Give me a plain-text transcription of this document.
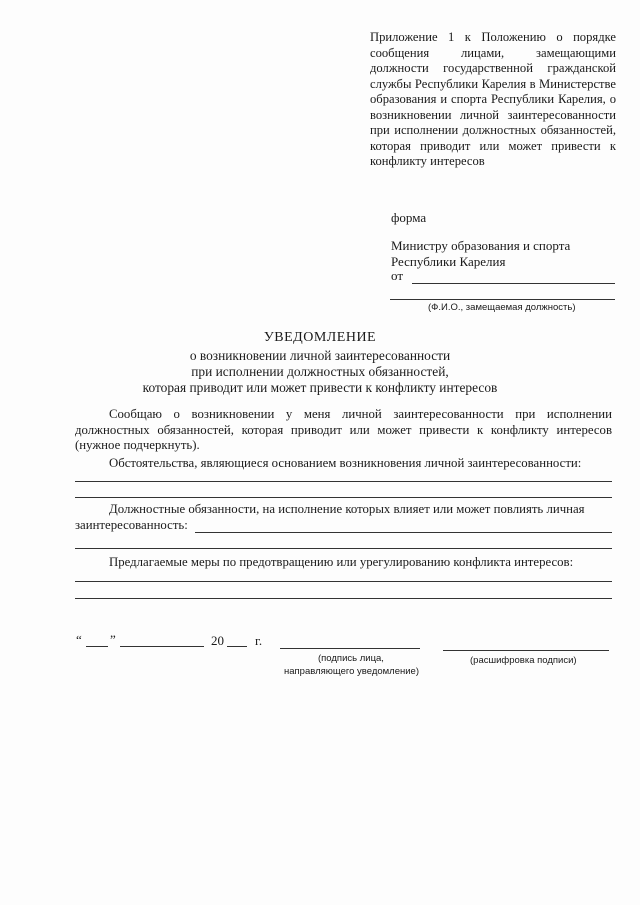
Приложение 1 к Положению о порядке сообщения лицами, замещающими должности государственной гражданской службы Республики Карелия в Министерстве образования и спорта Республики Карелия, о возникновении личной заинтересованности при исполнении должностных обязанностей, которая приводит или может привести к конфликту интересов
форма
Министру образования и спорта
Республики Карелия
от
(Ф.И.О., замещаемая должность)
УВЕДОМЛЕНИЕ
о возникновении личной заинтересованности
при исполнении должностных обязанностей,
которая приводит или может привести к конфликту интересов
Сообщаю о возникновении у меня личной заинтересованности при исполнении должностных обязанностей, которая приводит или может привести к конфликту интересов (нужное подчеркнуть).
Обстоятельства, являющиеся основанием возникновения личной заинтересованности:
Должностные обязанности, на исполнение которых влияет или может повлиять личная
заинтересованность:
Предлагаемые меры по предотвращению или урегулированию конфликта интересов:
“ ”	20 г.
(подпись лица,
направляющего уведомление)
(расшифровка подписи)
